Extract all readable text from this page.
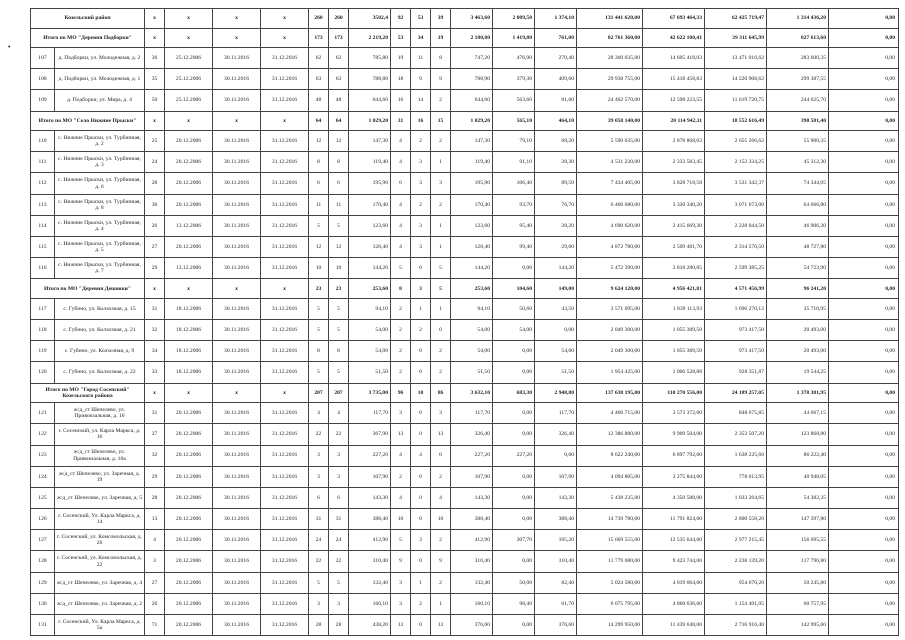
•
Козельский район		x	x	x	x	260	260	3502,4	92	53	39	3 463,60	2 089,50	1 374,10	131 441 620,00	67 693 464,33	62 425 719,47	1 314 436,20	0,00
Итого по МО "Деревня Подборки"		x	x	x	x	173	173	2 219,20	53	34	19	2 180,80	1 419,80	761,00	82 761 360,00	42 622 100,41	39 311 645,99	827 613,60	0,00
107	д. Подборки, ул. Молодежная, д. 2	36	25.12.2006	30.11.2016	31.12.2016	62	62	785,80	19	11	8	747,20	476,90	270,40	28 360 035,00	14 605 418,03	13 471 016,62	283 600,35	0,00
108	д. Подборки, ул. Молодежная, д. 1	35	25.12.2006	30.11.2016	31.12.2016	63	63	788,80	18	9	9	788,90	379,30	409,60	29 938 755,00	15 418 458,83	14 220 908,62	299 387,55	0,00
109	д. Подборки, ул. Мира, д. 4	50	25.12.2006	30.11.2016	31.12.2016	48	48	644,60	16	14	2	644,60	563,60	81,00	24 462 570,00	12 598 223,55	11 619 720,75	244 625,70	0,00
Итого по МО "Село Нижние Прыски"		x	x	x	x	64	64	1 029,20	31	16	15	1 029,20	565,10	464,10	39 058 140,00	20 114 942,11	18 552 616,49	390 581,40	0,00
110	с. Нижние Прыски, ул. Турбинная, д. 2	25	20.12.2006	30.11.2016	31.12.2016	12	12	147,30	4	2	2	147,30	79,10	68,20	5 590 035,00	2 878 868,03	2 655 266,62	55 900,35	0,00
111	с. Нижние Прыски, ул. Турбинная, д. 3	24	20.12.2006	30.11.2016	31.12.2016	8	8	119,40	4	3	1	119,40	91,10	28,30	4 531 230,00	2 333 583,45	2 152 334,25	45 312,30	0,00
112	с. Нижние Прыски, ул. Турбинная, д. 6	28	20.12.2006	30.11.2016	31.12.2016	6	6	195,90	6	3	3	195,90	106,40	89,50	7 434 405,00	3 828 718,58	3 531 342,37	74 344,05	0,00
113	с. Нижние Прыски, ул. Турбинная, д. 8	30	20.12.2006	30.11.2016	31.12.2016	11	11	170,40	4	2	2	170,40	93,70	76,70	6 466 680,00	3 330 340,20	3 071 673,00	64 666,80	0,00
114	с. Нижние Прыски, ул. Турбинная, д. 4	26	13.12.2006	30.11.2016	31.12.2016	5	5	123,60	4	3	1	123,60	95,40	28,20	4 690 620,00	2 415 669,30	2 228 044,50	46 906,20	0,00
115	с. Нижние Прыски, ул. Турбинная, д. 5	27	20.12.2006	30.11.2016	31.12.2016	12	12	128,40	4	3	1	128,40	99,40	29,00	4 872 780,00	2 509 481,70	2 314 570,50	48 727,80	0,00
116	с. Нижние Прыски, ул. Турбинная, д. 7	29	13.12.2006	30.11.2016	31.12.2016	10	10	144,20	5	0	5	144,20	0,00	144,20	5 472 390,00	2 818 280,85	2 599 385,25	54 723,90	0,00
Итого по МО "Деревня Дешовки"		x	x	x	x	23	23	253,60	8	3	5	253,60	104,60	149,00	9 624 120,00	4 956 421,81	4 571 456,99	96 241,20	0,00
117	с. Губино, ул. Колхозная, д. 15	31	18.12.2006	30.11.2016	31.12.2016	5	5	94,10	2	1	1	94,10	50,60	43,50	3 571 095,00	1 839 113,93	1 696 270,12	35 710,95	0,00
118	с. Губино, ул. Колхозная, д. 21	32	18.12.2006	30.11.2016	31.12.2016	5	5	54,00	2	2	0	54,00	54,00	0,00	2 049 300,00	1 055 389,50	973 417,50	20 493,00	0,00
119	с. Губино, ул. Колхозная, д. 9	34	18.12.2006	30.11.2016	31.12.2016	8	8	54,00	2	0	2	54,00	0,00	54,00	2 049 300,00	1 055 389,50	973 417,50	20 493,00	0,00
120	с. Губино, ул. Колхозная, д. 22	33	18.12.2006	30.11.2016	31.12.2016	5	5	51,50	2	0	2	51,50	0,00	51,50	1 954 425,00	1 006 528,88	928 351,87	19 544,25	0,00
Итого по МО "Город Сосенский" Козельского района		x	x	x	x	207	207	3 735,00	96	10	86	3 632,10	683,30	2 948,80	137 638 195,00	110 270 556,00	24 189 257,05	1 378 381,95	0,00
121	ж/д_ст Шепелево, ул. Привокзальная, д. 10	31	20.12.2006	30.11.2016	31.12.2016	4	4	117,70	3	0	3	117,70	0,00	117,70	4 466 715,00	3 573 372,00	848 675,85	44 667,15	0,00
122	г. Сосенский, ул. Карла Маркса, д. 16	27	20.12.2006	30.11.2016	31.12.2016	22	22	367,90	13	0	13	326,40	0,00	326,40	12 386 880,00	9 909 504,00	2 353 507,20	123 868,80	0,00
123	ж/д_ст Шепелево, ул. Привокзальная, д. 10а	32	20.12.2006	30.11.2016	31.12.2016	3	3	227,20	4	4	0	227,20	227,20	0,00	8 622 240,00	6 897 792,00	1 638 225,60	86 222,40	0,00
124	ж/д_ст Шепелево, ул. Заречная, д. 19	29	20.12.2006	30.11.2016	31.12.2016	3	3	107,90	2	0	2	107,90	0,00	107,90	4 094 805,00	3 275 844,00	778 013,95	40 948,05	0,00
125	ж/д_ст Шепелево, ул. Заречная, д. 5	28	20.12.2006	30.11.2016	31.12.2016	6	6	143,30	4	0	4	143,30	0,00	143,30	5 438 235,00	4 350 588,00	1 033 264,65	54 382,35	0,00
126	г. Сосенский, Ул. Карла Маркса, д. 14	13	20.12.2006	30.11.2016	31.12.2016	31	31	388,40	10	0	10	388,40	0,00	388,40	14 739 780,00	11 791 824,00	2 800 558,20	147 397,80	0,00
127	г. Сосенский, ул. Комсомольская, д. 26	4	20.12.2006	30.11.2016	31.12.2016	24	24	412,90	5	3	2	412,90	307,70	105,20	15 669 555,00	12 535 644,00	2 977 215,45	156 695,55	0,00
128	г. Сосенский, ул. Комсомольская, д. 22	3	20.12.2006	30.11.2016	31.12.2016	22	22	310,40	9	0	9	310,40	0,00	310,40	11 779 680,00	9 423 744,00	2 238 139,20	117 796,80	0,00
129	ж/д_ст Шепелево, ул. Заречная, д. 4	27	20.12.2006	30.11.2016	31.12.2016	5	5	132,40	3	1	2	132,40	50,00	82,40	5 024 580,00	4 019 664,00	954 670,20	50 245,80	0,00
130	ж/д_ст Шепелево, ул. Заречная, д. 2	26	20.12.2006	30.11.2016	31.12.2016	3	3	160,10	3	2	1	160,10	98,40	61,70	6 075 795,00	4 860 636,00	1 154 401,05	60 757,95	0,00
131	г. Сосенский, Ул. Карла Маркса, д. 5а	71	20.12.2006	30.11.2016	31.12.2016	28	28	438,20	13	0	13	376,60	0,00	376,60	14 299 950,00	11 439 648,00	2 716 916,40	142 995,60	0,00
